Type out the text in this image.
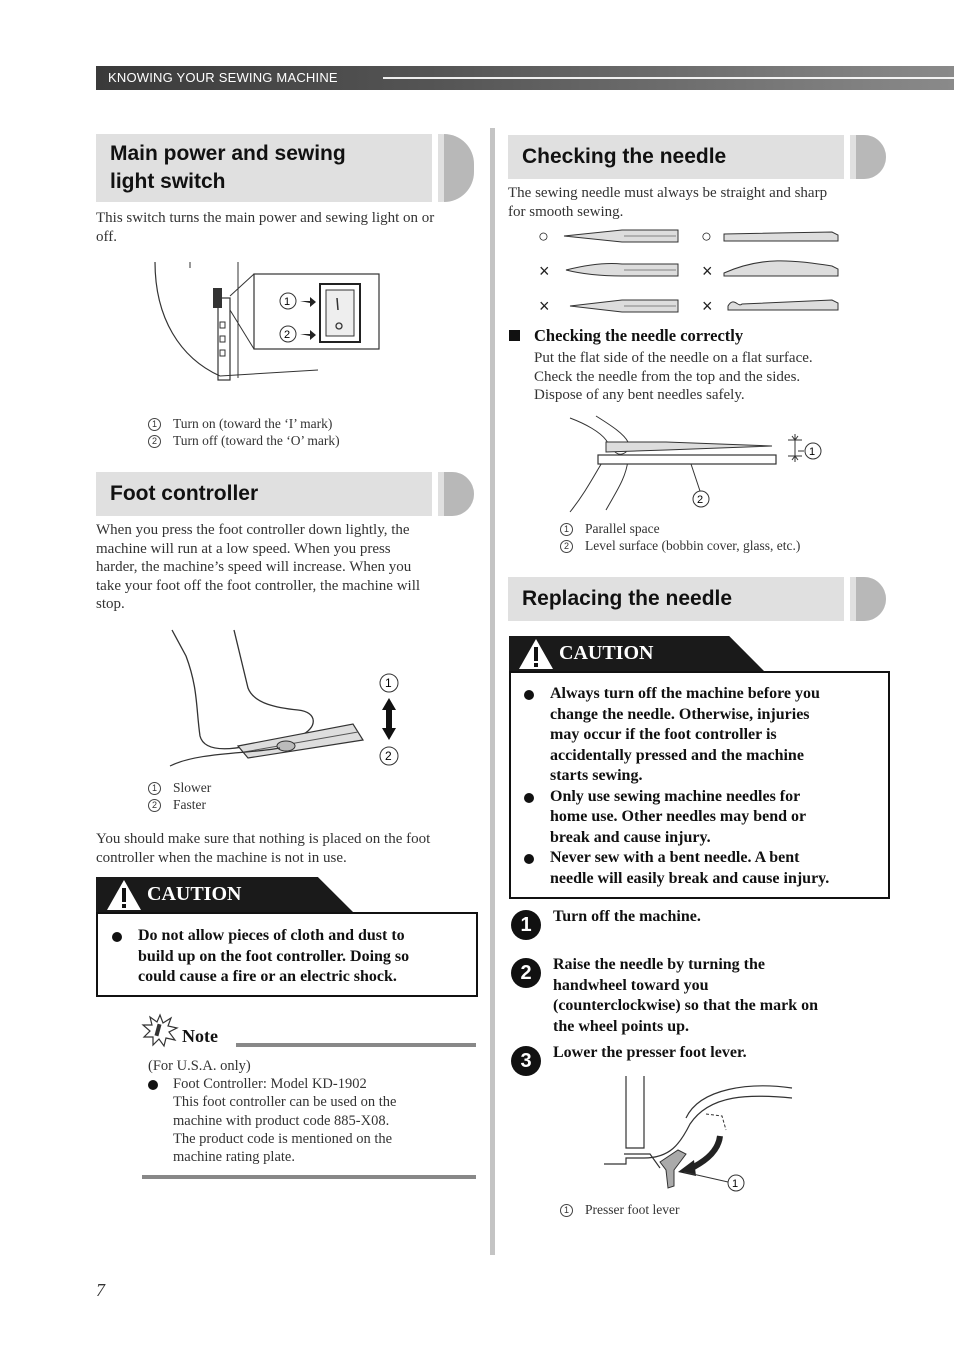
KNOWING YOUR SEWING MACHINE
Main power and sewing
light switch
This switch turns the main power and sewing light on or
off.
1
2
1 Turn on (toward the ‘I’ mark)
2 Turn off (toward the ‘O’ mark)
Foot controller
When you press the foot controller down lightly, the
machine will run at a low speed. When you press
harder, the machine’s speed will increase. When you
take your foot off the foot controller, the machine will
stop.
1
2
1 Slower
2 Faster
You should make sure that nothing is placed on the foot
controller when the machine is not in use.
CAUTION
Do not allow pieces of cloth and dust to
build up on the foot controller. Doing so
could cause a fire or an electric shock.
Note
(For U.S.A. only)
Foot Controller: Model KD-1902
This foot controller can be used on the
machine with product code 885-X08.
The product code is mentioned on the
machine rating plate.
Checking the needle
The sewing needle must always be straight and sharp
for smooth sewing.
○	○
×	×
×	×
Checking the needle correctly
Put the flat side of the needle on a flat surface.
Check the needle from the top and the sides.
Dispose of any bent needles safely.
1
2
1 Parallel space
2 Level surface (bobbin cover, glass, etc.)
Replacing the needle
CAUTION
Always turn off the machine before you
change the needle. Otherwise, injuries
may occur if the foot controller is
accidentally pressed and the machine
starts sewing.
Only use sewing machine needles for
home use. Other needles may bend or
break and cause injury.
Never sew with a bent needle. A bent
needle will easily break and cause injury.
1	Turn off the machine.
2	Raise the needle by turning the
handwheel toward you
(counterclockwise) so that the mark on
the wheel points up.
3	Lower the presser foot lever.
1
1 Presser foot lever
7
